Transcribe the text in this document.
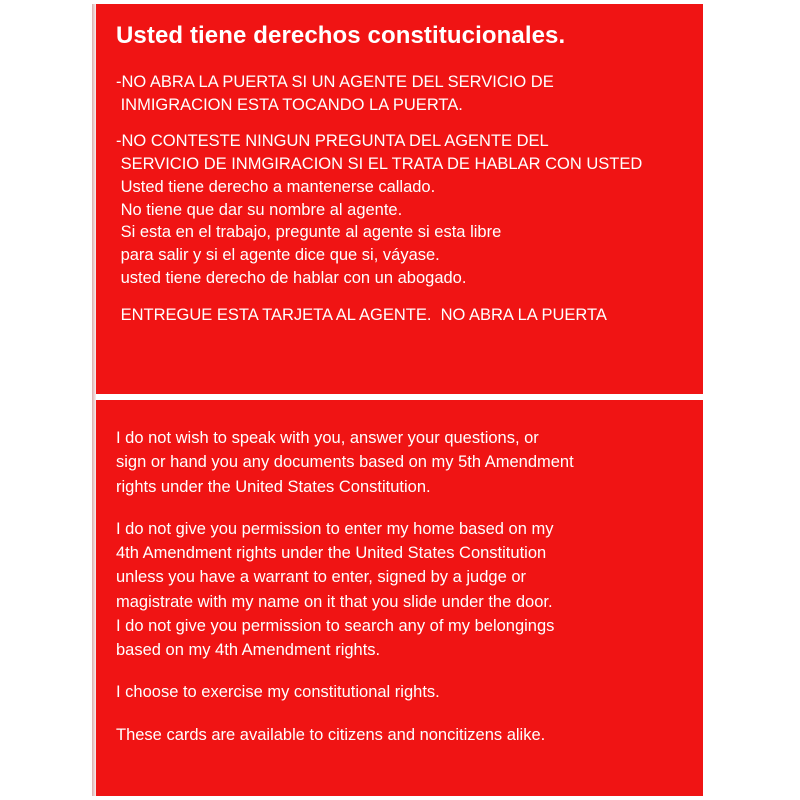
Usted tiene derechos constitucionales.
-NO ABRA LA PUERTA SI UN AGENTE DEL SERVICIO DE
INMIGRACION ESTA TOCANDO LA PUERTA.
-NO CONTESTE NINGUN PREGUNTA DEL AGENTE DEL
SERVICIO DE INMGIRACION SI EL TRATA DE HABLAR CON USTED
Usted tiene derecho a mantenerse callado.
No tiene que dar su nombre al agente.
Si esta en el trabajo, pregunte al agente si esta libre
para salir y si el agente dice que si, váyase.
usted tiene derecho de hablar con un abogado.
ENTREGUE ESTA TARJETA AL AGENTE.  NO ABRA LA PUERTA
I do not wish to speak with you, answer your questions, or
sign or hand you any documents based on my 5th Amendment
rights under the United States Constitution.
I do not give you permission to enter my home based on my
4th Amendment rights under the United States Constitution
unless you have a warrant to enter, signed by a judge or
magistrate with my name on it that you slide under the door.
I do not give you permission to search any of my belongings
based on my 4th Amendment rights.
I choose to exercise my constitutional rights.
These cards are available to citizens and noncitizens alike.
